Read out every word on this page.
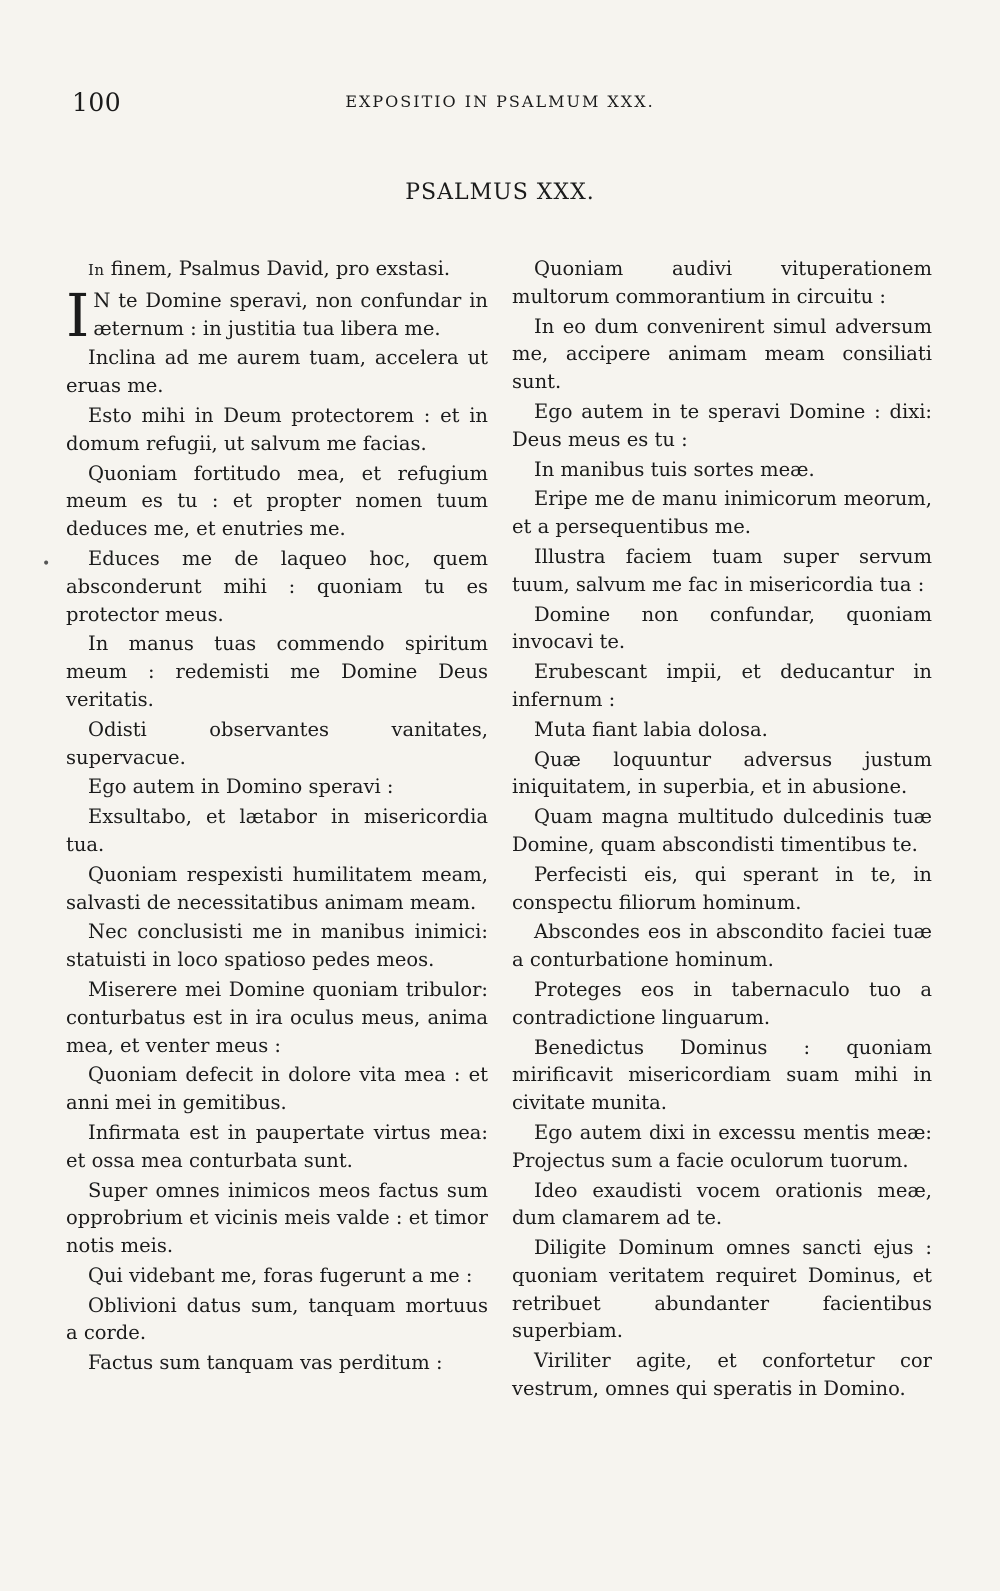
100	EXPOSITIO IN PSALMUM XXX.
PSALMUS XXX.
•

In finem, Psalmus David, pro exstasi.

I N te Domine speravi, non confundar in æternum : in justitia tua libera me.

Inclina ad me aurem tuam, accelera ut eruas me.

Esto mihi in Deum protectorem : et in domum refugii, ut salvum me facias.

Quoniam fortitudo mea, et refugium meum es tu : et propter nomen tuum deduces me, et enutries me.

Educes me de laqueo hoc, quem absconderunt mihi : quoniam tu es protector meus.

In manus tuas commendo spiritum meum : redemisti me Domine Deus veritatis.

Odisti observantes vanitates, supervacue.

Ego autem in Domino speravi :

Exsultabo, et lætabor in misericordia tua.

Quoniam respexisti humilitatem meam, salvasti de necessitatibus animam meam.

Nec conclusisti me in manibus inimici: statuisti in loco spatioso pedes meos.

Miserere mei Domine quoniam tribulor: conturbatus est in ira oculus meus, anima mea, et venter meus :

Quoniam defecit in dolore vita mea : et anni mei in gemitibus.

Infirmata est in paupertate virtus mea: et ossa mea conturbata sunt.

Super omnes inimicos meos factus sum opprobrium et vicinis meis valde : et timor notis meis.

Qui videbant me, foras fugerunt a me :

Oblivioni datus sum, tanquam mortuus a corde.

Factus sum tanquam vas perditum :

Quoniam audivi vituperationem multorum commorantium in circuitu :

In eo dum convenirent simul adversum me, accipere animam meam consiliati sunt.

Ego autem in te speravi Domine : dixi: Deus meus es tu :

In manibus tuis sortes meæ.

Eripe me de manu inimicorum meorum, et a persequentibus me.

Illustra faciem tuam super servum tuum, salvum me fac in misericordia tua :

Domine non confundar, quoniam invocavi te.

Erubescant impii, et deducantur in infernum :

Muta fiant labia dolosa.

Quæ loquuntur adversus justum iniquitatem, in superbia, et in abusione.

Quam magna multitudo dulcedinis tuæ Domine, quam abscondisti timentibus te.

Perfecisti eis, qui sperant in te, in conspectu filiorum hominum.

Abscondes eos in abscondito faciei tuæ a conturbatione hominum.

Proteges eos in tabernaculo tuo a contradictione linguarum.

Benedictus Dominus : quoniam mirificavit misericordiam suam mihi in civitate munita.

Ego autem dixi in excessu mentis meæ: Projectus sum a facie oculorum tuorum.

Ideo exaudisti vocem orationis meæ, dum clamarem ad te.

Diligite Dominum omnes sancti ejus : quoniam veritatem requiret Dominus, et retribuet abundanter facientibus superbiam.

Viriliter agite, et confortetur cor vestrum, omnes qui speratis in Domino.
